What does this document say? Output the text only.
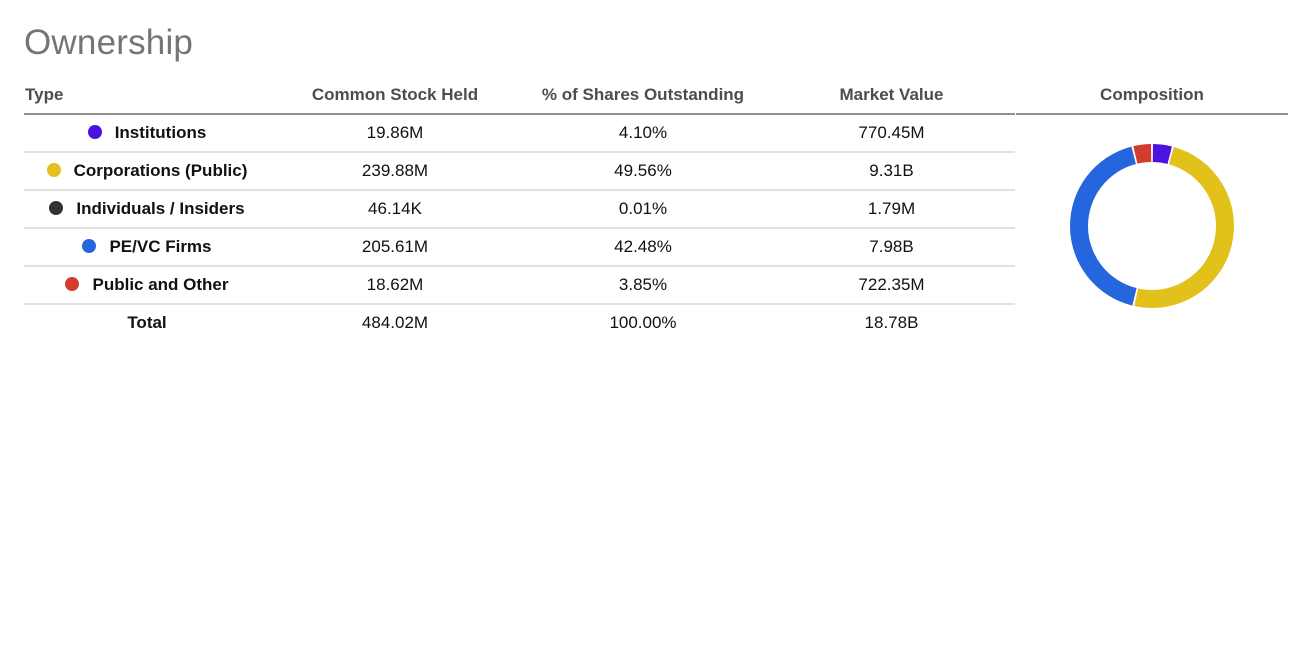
Ownership
Type	Common Stock Held	% of Shares Outstanding	Market Value
Institutions	19.86M	4.10%	770.45M
Corporations (Public)	239.88M	49.56%	9.31B
Individuals / Insiders	46.14K	0.01%	1.79M
PE/VC Firms	205.61M	42.48%	7.98B
Public and Other	18.62M	3.85%	722.35M
Total	484.02M	100.00%	18.78B
Composition
